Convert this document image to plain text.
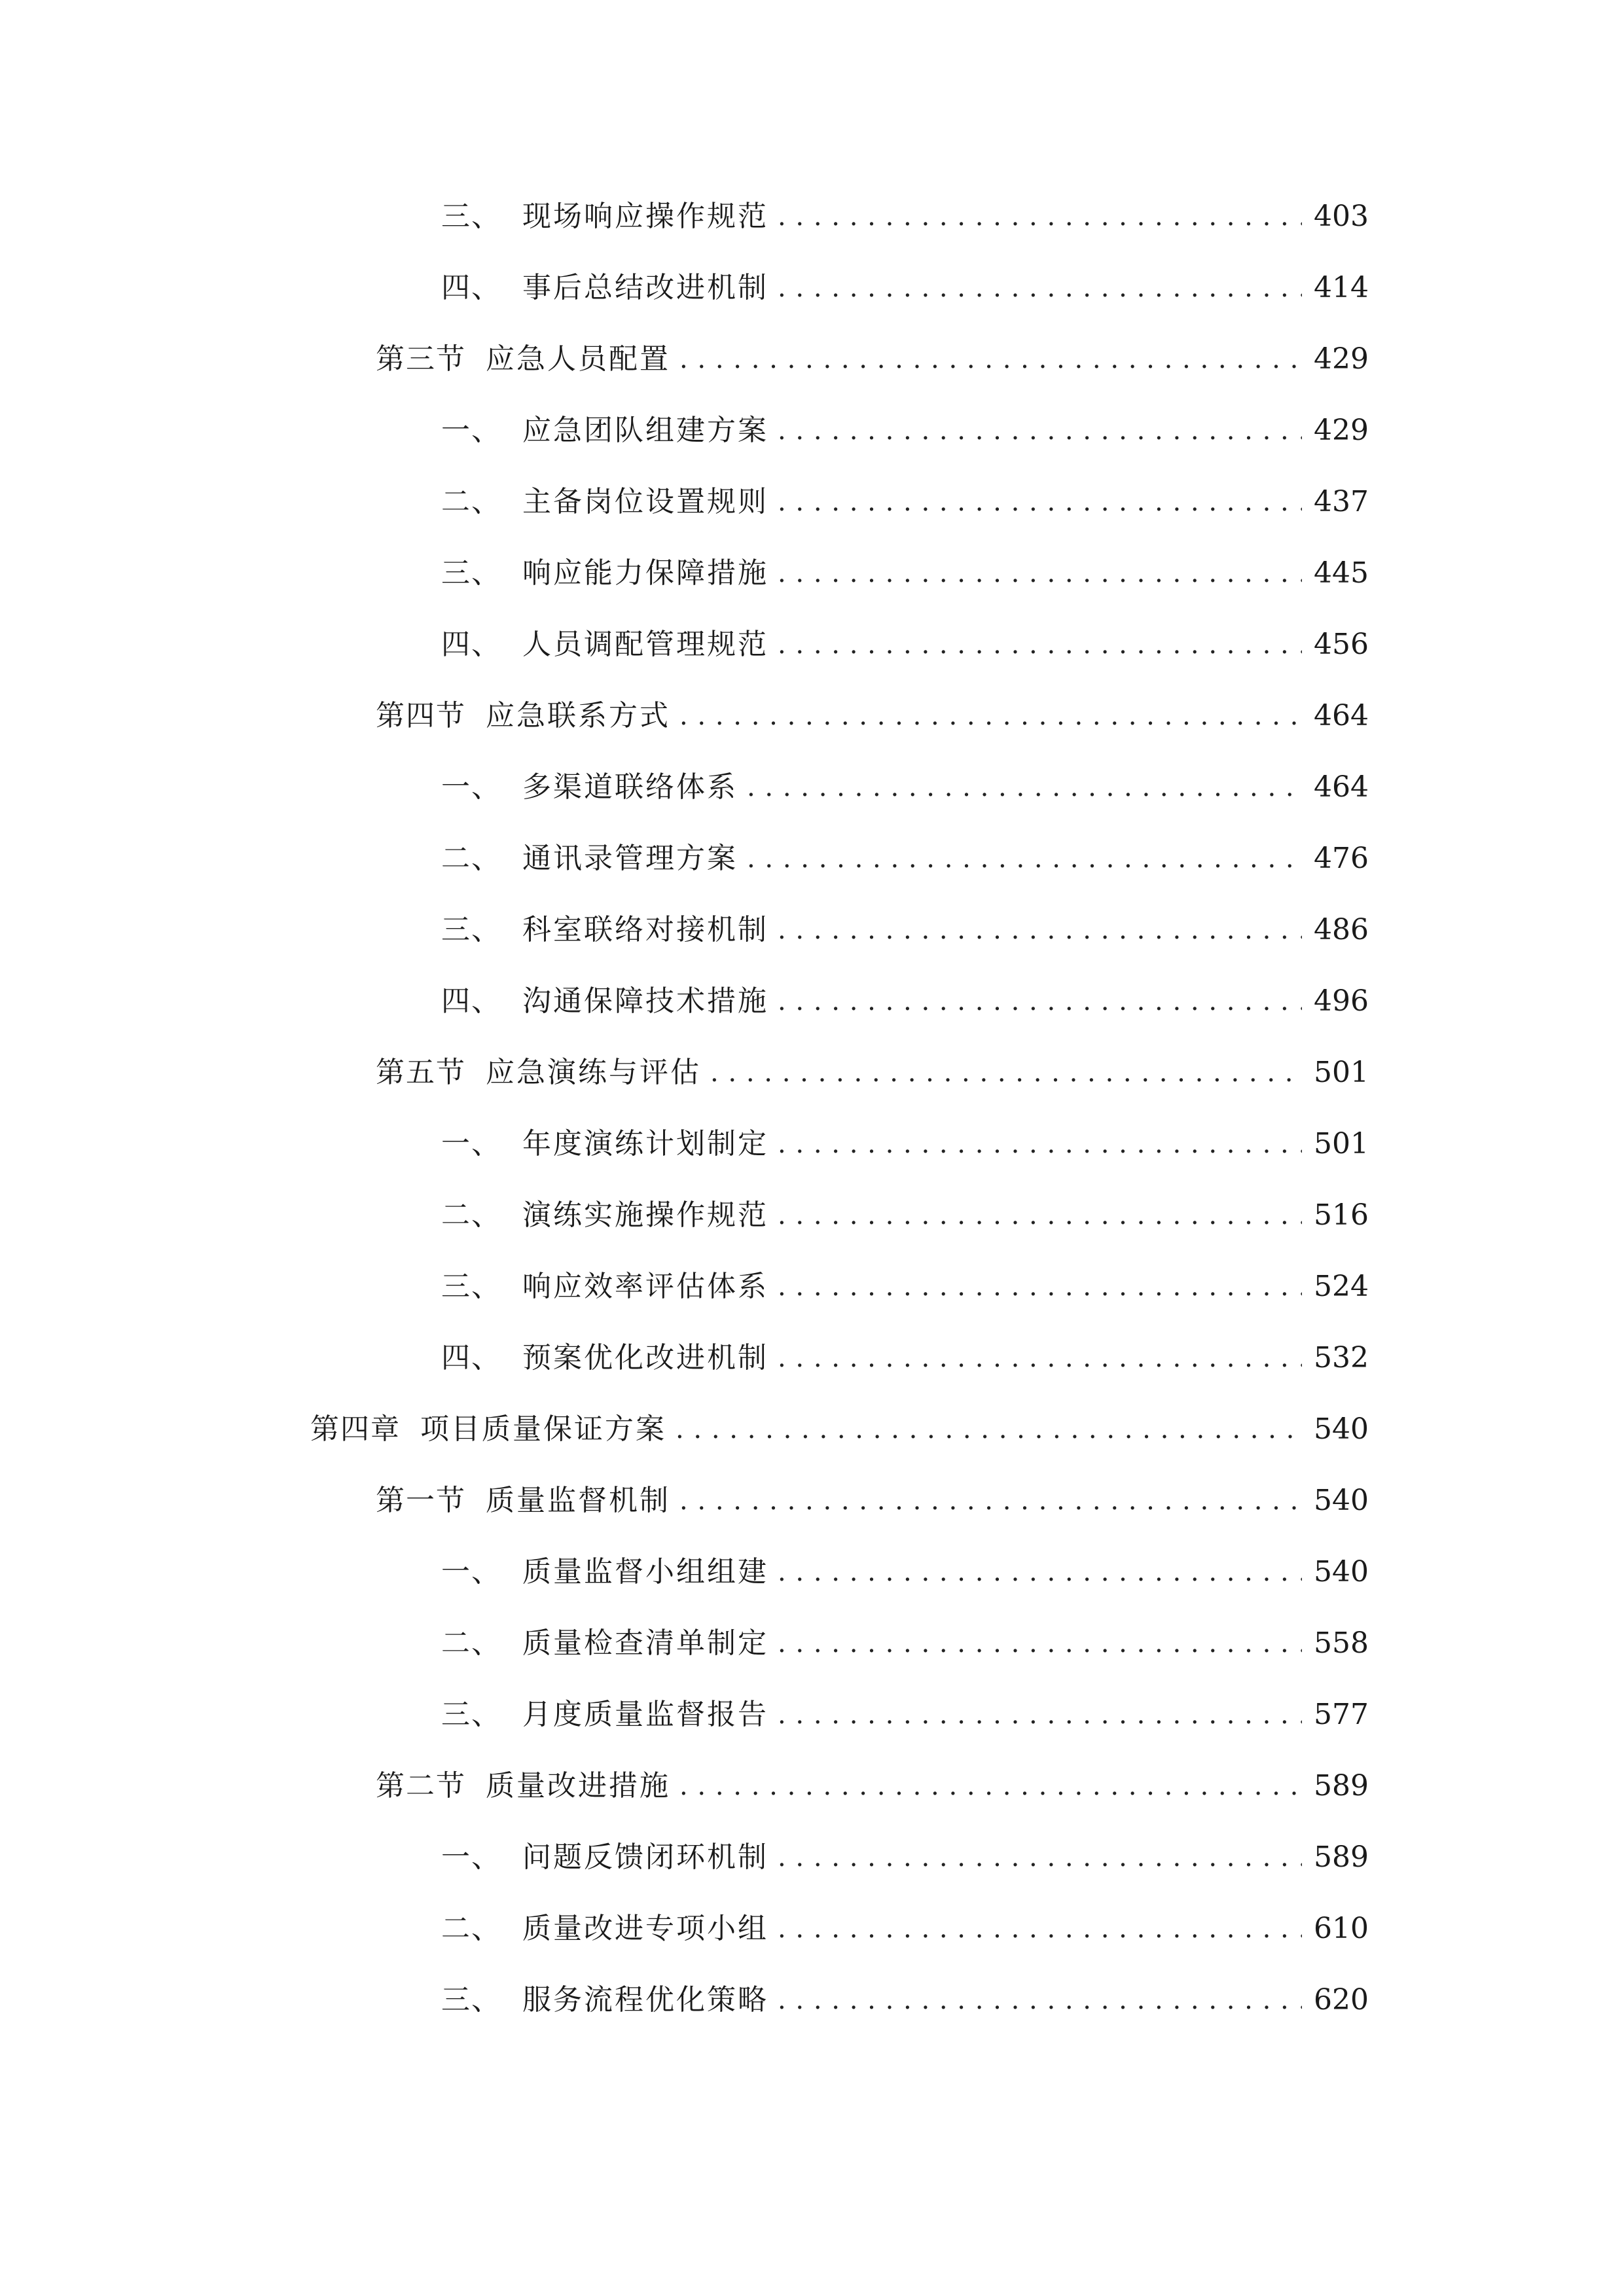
三、 现场响应操作规范 . . .	403
四、 事后总结改进机制 . . .	414
第三节 应急人员配置 . . .	429
一、 应急团队组建方案 . . .	429
二、 主备岗位设置规则 . . .	437
三、 响应能力保障措施 . . .	445
四、 人员调配管理规范 . . .	456
第四节 应急联系方式 . . .	464
一、 多渠道联络体系 . . .	464
二、 通讯录管理方案 . . .	476
三、 科室联络对接机制 . . .	486
四、 沟通保障技术措施 . . .	496
第五节 应急演练与评估 . . .	501
一、 年度演练计划制定 . . .	501
二、 演练实施操作规范 . . .	516
三、 响应效率评估体系 . . .	524
四、 预案优化改进机制 . . .	532
第四章 项目质量保证方案 . . .	540
第一节 质量监督机制 . . .	540
一、 质量监督小组组建 . . .	540
二、 质量检查清单制定 . . .	558
三、 月度质量监督报告 . . .	577
第二节 质量改进措施 . . .	589
一、 问题反馈闭环机制 . . .	589
二、 质量改进专项小组 . . .	610
三、 服务流程优化策略 . . .	620
